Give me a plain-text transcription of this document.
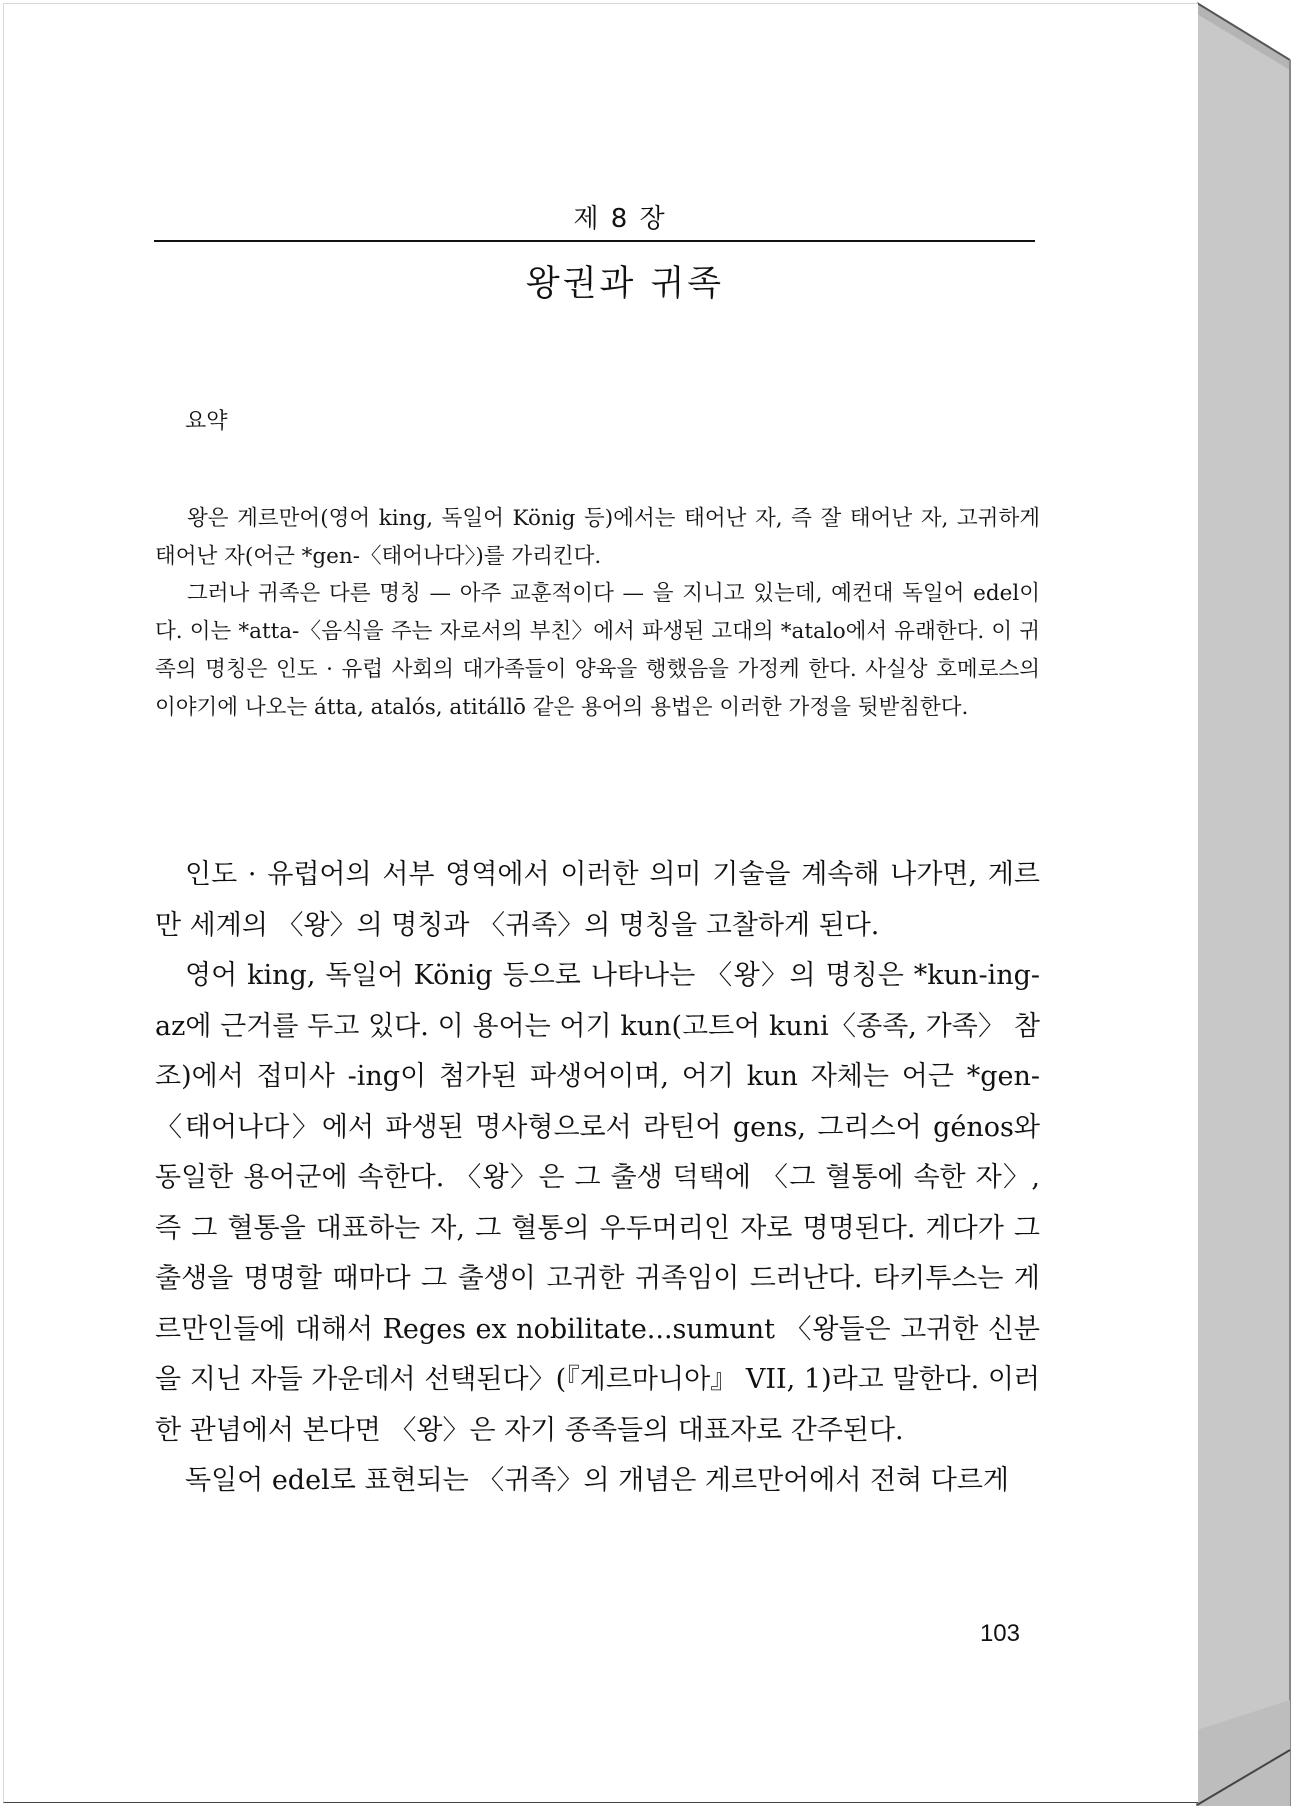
제 8 장
왕권과 귀족
요약

왕은 게르만어(영어 king, 독일어 König 등)에서는 태어난 자, 즉 잘 태어난 자, 고귀하게 태어난 자(어근 *gen-〈태어나다〉)를 가리킨다.

그러나 귀족은 다른 명칭 — 아주 교훈적이다 — 을 지니고 있는데, 예컨대 독일어 edel이다. 이는 *atta-〈음식을 주는 자로서의 부친〉에서 파생된 고대의 *atalo에서 유래한다. 이 귀족의 명칭은 인도 · 유럽 사회의 대가족들이 양육을 행했음을 가정케 한다. 사실상 호메로스의 이야기에 나오는 átta, atalós, atitállō 같은 용어의 용법은 이러한 가정을 뒷받침한다.

인도 · 유럽어의 서부 영역에서 이러한 의미 기술을 계속해 나가면, 게르만 세계의 〈왕〉의 명칭과 〈귀족〉의 명칭을 고찰하게 된다.

영어 king, 독일어 König 등으로 나타나는 〈왕〉의 명칭은 *kun-ing-az에 근거를 두고 있다. 이 용어는 어기 kun(고트어 kuni〈종족, 가족〉 참조)에서 접미사 -ing이 첨가된 파생어이며, 어기 kun 자체는 어근 *gen-〈태어나다〉에서 파생된 명사형으로서 라틴어 gens, 그리스어 génos와 동일한 용어군에 속한다. 〈왕〉은 그 출생 덕택에 〈그 혈통에 속한 자〉, 즉 그 혈통을 대표하는 자, 그 혈통의 우두머리인 자로 명명된다. 게다가 그 출생을 명명할 때마다 그 출생이 고귀한 귀족임이 드러난다. 타키투스는 게르만인들에 대해서 Reges ex nobilitate...sumunt 〈왕들은 고귀한 신분을 지닌 자들 가운데서 선택된다〉(『게르마니아』 VII, 1)라고 말한다. 이러한 관념에서 본다면 〈왕〉은 자기 종족들의 대표자로 간주된다.

독일어 edel로 표현되는 〈귀족〉의 개념은 게르만어에서 전혀 다르게

103
